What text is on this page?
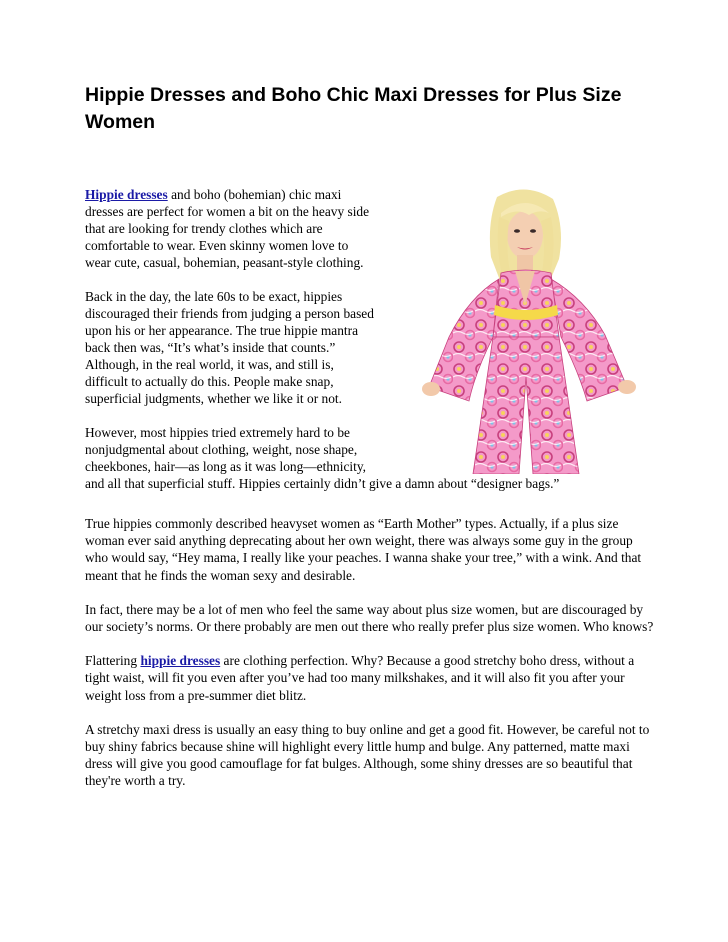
Hippie Dresses and Boho Chic Maxi Dresses for Plus Size Women

Hippie dresses and boho (bohemian) chic maxi
dresses are perfect for women a bit on the heavy side
that are looking for trendy clothes which are
comfortable to wear. Even skinny women love to
wear cute, casual, bohemian, peasant-style clothing.

Back in the day, the late 60s to be exact, hippies
discouraged their friends from judging a person based
upon his or her appearance. The true hippie mantra
back then was, “It’s what’s inside that counts.”
Although, in the real world, it was, and still is,
difficult to actually do this. People make snap,
superficial judgments, whether we like it or not.

However, most hippies tried extremely hard to be
nonjudgmental about clothing, weight, nose shape,
cheekbones, hair—as long as it was long—ethnicity,
and all that superficial stuff. Hippies certainly didn’t give a damn about “designer bags.”

True hippies commonly described heavyset women as “Earth Mother” types. Actually, if a plus size woman ever said anything deprecating about her own weight, there was always some guy in the group who would say, “Hey mama, I really like your peaches. I wanna shake your tree,” with a wink. And that meant that he finds the woman sexy and desirable.

In fact, there may be a lot of men who feel the same way about plus size women, but are discouraged by our society’s norms. Or there probably are men out there who really prefer plus size women. Who knows?

Flattering hippie dresses are clothing perfection. Why? Because a good stretchy boho dress, without a tight waist, will fit you even after you’ve had too many milkshakes, and it will also fit you after your weight loss from a pre-summer diet blitz.

A stretchy maxi dress is usually an easy thing to buy online and get a good fit. However, be careful not to buy shiny fabrics because shine will highlight every little hump and bulge. Any patterned, matte maxi dress will give you good camouflage for fat bulges. Although, some shiny dresses are so beautiful that they're worth a try.
